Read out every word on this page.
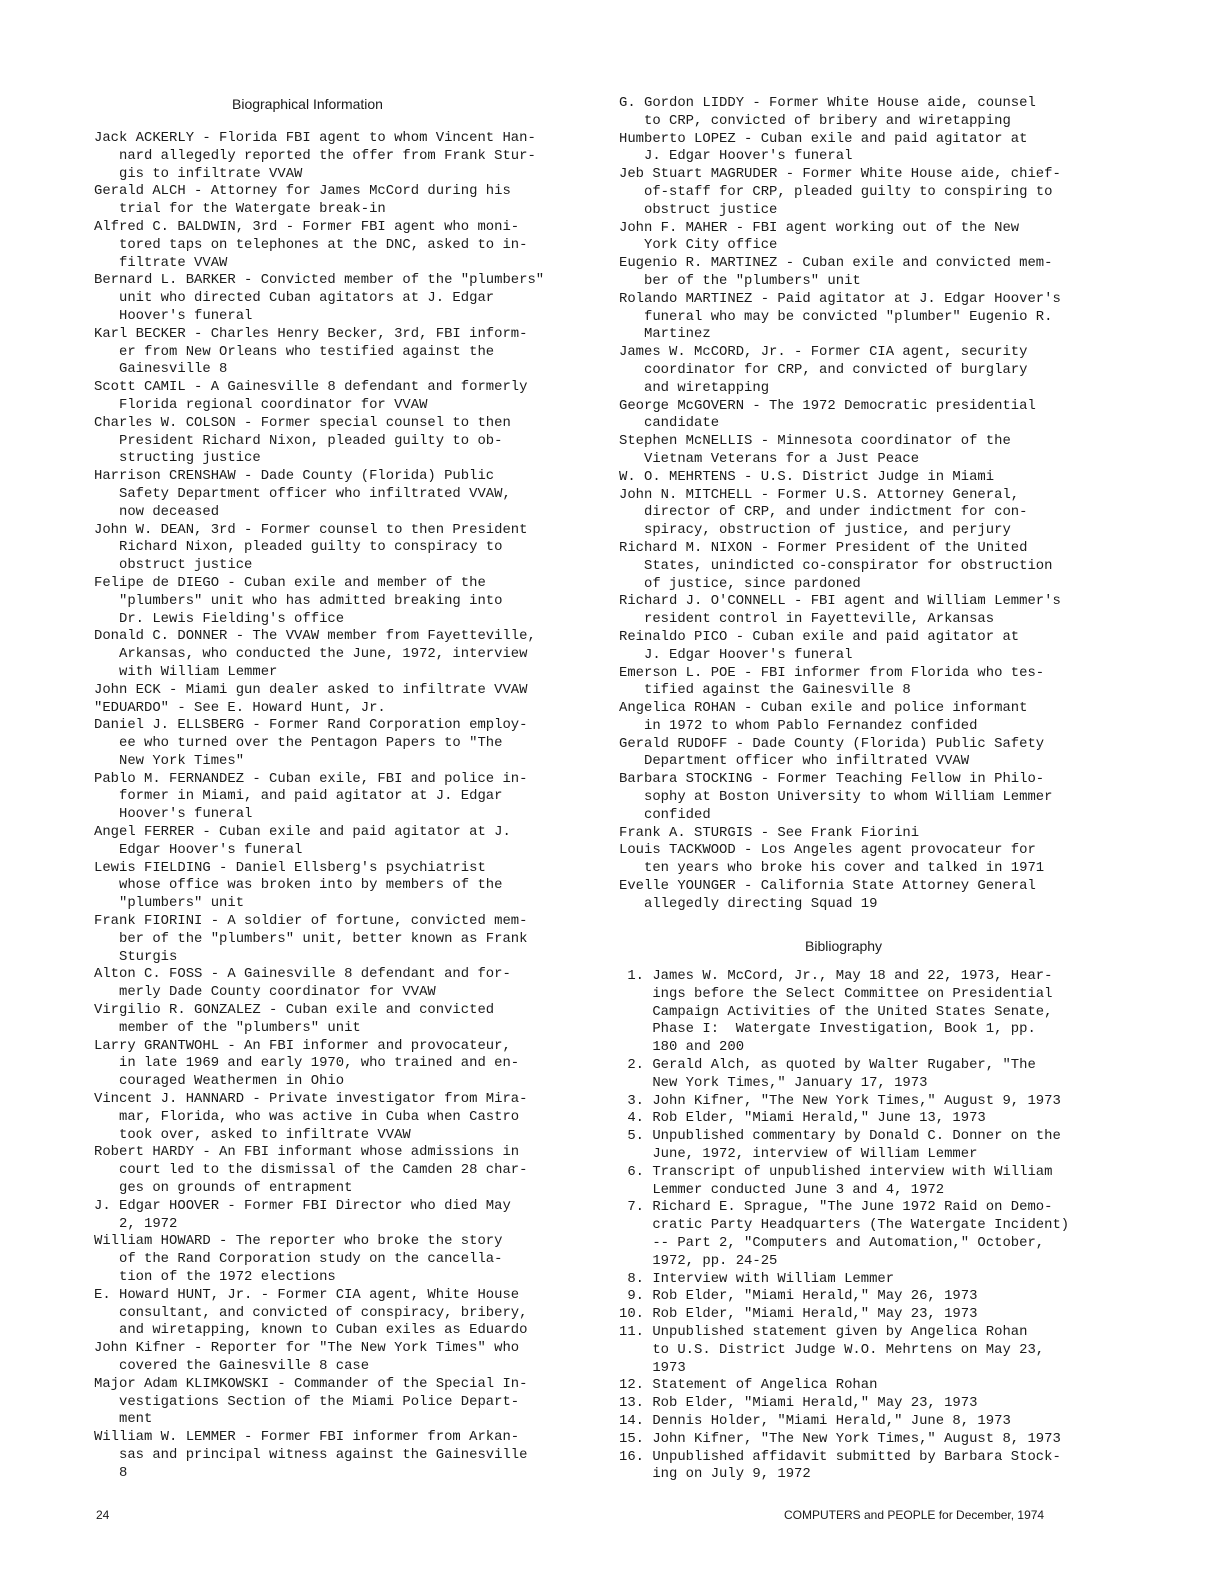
Biographical Information
Jack ACKERLY - Florida FBI agent to whom Vincent Han-
nard allegedly reported the offer from Frank Stur-
gis to infiltrate VVAW
Gerald ALCH - Attorney for James McCord during his
trial for the Watergate break-in
Alfred C. BALDWIN, 3rd - Former FBI agent who moni-
tored taps on telephones at the DNC, asked to in-
filtrate VVAW
Bernard L. BARKER - Convicted member of the "plumbers"
unit who directed Cuban agitators at J. Edgar
Hoover's funeral
Karl BECKER - Charles Henry Becker, 3rd, FBI inform-
er from New Orleans who testified against the
Gainesville 8
Scott CAMIL - A Gainesville 8 defendant and formerly
Florida regional coordinator for VVAW
Charles W. COLSON - Former special counsel to then
President Richard Nixon, pleaded guilty to ob-
structing justice
Harrison CRENSHAW - Dade County (Florida) Public
Safety Department officer who infiltrated VVAW,
now deceased
John W. DEAN, 3rd - Former counsel to then President
Richard Nixon, pleaded guilty to conspiracy to
obstruct justice
Felipe de DIEGO - Cuban exile and member of the
"plumbers" unit who has admitted breaking into
Dr. Lewis Fielding's office
Donald C. DONNER - The VVAW member from Fayetteville,
Arkansas, who conducted the June, 1972, interview
with William Lemmer
John ECK - Miami gun dealer asked to infiltrate VVAW
"EDUARDO" - See E. Howard Hunt, Jr.
Daniel J. ELLSBERG - Former Rand Corporation employ-
ee who turned over the Pentagon Papers to "The
New York Times"
Pablo M. FERNANDEZ - Cuban exile, FBI and police in-
former in Miami, and paid agitator at J. Edgar
Hoover's funeral
Angel FERRER - Cuban exile and paid agitator at J.
Edgar Hoover's funeral
Lewis FIELDING - Daniel Ellsberg's psychiatrist
whose office was broken into by members of the
"plumbers" unit
Frank FIORINI - A soldier of fortune, convicted mem-
ber of the "plumbers" unit, better known as Frank
Sturgis
Alton C. FOSS - A Gainesville 8 defendant and for-
merly Dade County coordinator for VVAW
Virgilio R. GONZALEZ - Cuban exile and convicted
member of the "plumbers" unit
Larry GRANTWOHL - An FBI informer and provocateur,
in late 1969 and early 1970, who trained and en-
couraged Weathermen in Ohio
Vincent J. HANNARD - Private investigator from Mira-
mar, Florida, who was active in Cuba when Castro
took over, asked to infiltrate VVAW
Robert HARDY - An FBI informant whose admissions in
court led to the dismissal of the Camden 28 char-
ges on grounds of entrapment
J. Edgar HOOVER - Former FBI Director who died May
2, 1972
William HOWARD - The reporter who broke the story
of the Rand Corporation study on the cancella-
tion of the 1972 elections
E. Howard HUNT, Jr. - Former CIA agent, White House
consultant, and convicted of conspiracy, bribery,
and wiretapping, known to Cuban exiles as Eduardo
John Kifner - Reporter for "The New York Times" who
covered the Gainesville 8 case
Major Adam KLIMKOWSKI - Commander of the Special In-
vestigations Section of the Miami Police Depart-
ment
William W. LEMMER - Former FBI informer from Arkan-
sas and principal witness against the Gainesville
8
G. Gordon LIDDY - Former White House aide, counsel
to CRP, convicted of bribery and wiretapping
Humberto LOPEZ - Cuban exile and paid agitator at
J. Edgar Hoover's funeral
Jeb Stuart MAGRUDER - Former White House aide, chief-
of-staff for CRP, pleaded guilty to conspiring to
obstruct justice
John F. MAHER - FBI agent working out of the New
York City office
Eugenio R. MARTINEZ - Cuban exile and convicted mem-
ber of the "plumbers" unit
Rolando MARTINEZ - Paid agitator at J. Edgar Hoover's
funeral who may be convicted "plumber" Eugenio R.
Martinez
James W. McCORD, Jr. - Former CIA agent, security
coordinator for CRP, and convicted of burglary
and wiretapping
George McGOVERN - The 1972 Democratic presidential
candidate
Stephen McNELLIS - Minnesota coordinator of the
Vietnam Veterans for a Just Peace
W. O. MEHRTENS - U.S. District Judge in Miami
John N. MITCHELL - Former U.S. Attorney General,
director of CRP, and under indictment for con-
spiracy, obstruction of justice, and perjury
Richard M. NIXON - Former President of the United
States, unindicted co-conspirator for obstruction
of justice, since pardoned
Richard J. O'CONNELL - FBI agent and William Lemmer's
resident control in Fayetteville, Arkansas
Reinaldo PICO - Cuban exile and paid agitator at
J. Edgar Hoover's funeral
Emerson L. POE - FBI informer from Florida who tes-
tified against the Gainesville 8
Angelica ROHAN - Cuban exile and police informant
in 1972 to whom Pablo Fernandez confided
Gerald RUDOFF - Dade County (Florida) Public Safety
Department officer who infiltrated VVAW
Barbara STOCKING - Former Teaching Fellow in Philo-
sophy at Boston University to whom William Lemmer
confided
Frank A. STURGIS - See Frank Fiorini
Louis TACKWOOD - Los Angeles agent provocateur for
ten years who broke his cover and talked in 1971
Evelle YOUNGER - California State Attorney General
allegedly directing Squad 19
Bibliography
1. James W. McCord, Jr., May 18 and 22, 1973, Hear-
ings before the Select Committee on Presidential
Campaign Activities of the United States Senate,
Phase I:  Watergate Investigation, Book 1, pp.
180 and 200
2. Gerald Alch, as quoted by Walter Rugaber, "The
New York Times," January 17, 1973
3. John Kifner, "The New York Times," August 9, 1973
4. Rob Elder, "Miami Herald," June 13, 1973
5. Unpublished commentary by Donald C. Donner on the
June, 1972, interview of William Lemmer
6. Transcript of unpublished interview with William
Lemmer conducted June 3 and 4, 1972
7. Richard E. Sprague, "The June 1972 Raid on Demo-
cratic Party Headquarters (The Watergate Incident)
-- Part 2, "Computers and Automation," October,
1972, pp. 24-25
8. Interview with William Lemmer
9. Rob Elder, "Miami Herald," May 26, 1973
10. Rob Elder, "Miami Herald," May 23, 1973
11. Unpublished statement given by Angelica Rohan
to U.S. District Judge W.O. Mehrtens on May 23,
1973
12. Statement of Angelica Rohan
13. Rob Elder, "Miami Herald," May 23, 1973
14. Dennis Holder, "Miami Herald," June 8, 1973
15. John Kifner, "The New York Times," August 8, 1973
16. Unpublished affidavit submitted by Barbara Stock-
ing on July 9, 1972
24	COMPUTERS and PEOPLE for December, 1974
